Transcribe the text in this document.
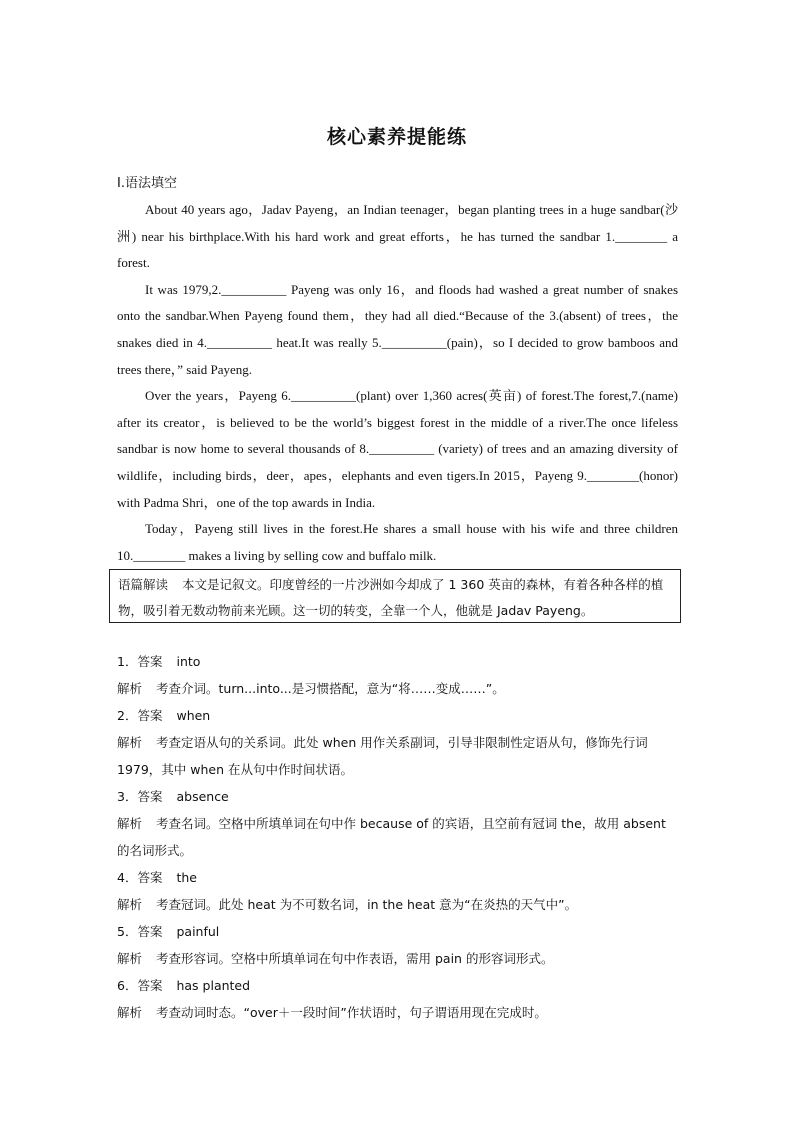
核心素养提能练
Ⅰ.语法填空

About 40 years ago，Jadav Payeng，an Indian teenager，began planting trees in a huge sandbar(沙洲) near his birthplace.With his hard work and great efforts，he has turned the sandbar 1.________ a forest.

It was 1979,2.__________ Payeng was only 16，and floods had washed a great number of snakes onto the sandbar.When Payeng found them，they had all died.“Because of the 3.(absent) of trees，the snakes died in 4.__________ heat.It was really 5.__________(pain)，so I decided to grow bamboos and trees there，” said Payeng.

Over the years，Payeng 6.__________(plant) over 1,360 acres(英亩) of forest.The forest,7.(name) after its creator，is believed to be the world’s biggest forest in the middle of a river.The once lifeless sandbar is now home to several thousands of 8.__________ (variety) of trees and an amazing diversity of wildlife，including birds，deer，apes，elephants and even tigers.In 2015，Payeng 9.________(honor) with Padma Shri，one of the top awards in India.

Today，Payeng still lives in the forest.He shares a small house with his wife and three children 10.________ makes a living by selling cow and buffalo milk.

语篇解读 本文是记叙文。印度曾经的一片沙洲如今却成了 1 360 英亩的森林，有着各种各样的植物，吸引着无数动物前来光顾。这一切的转变，全靠一个人，他就是 Jadav Payeng。
1．答案 into
解析 考查介词。turn...into...是习惯搭配，意为“将……变成……”。
2．答案 when
解析 考查定语从句的关系词。此处 when 用作关系副词，引导非限制性定语从句，修饰先行词 1979，其中 when 在从句中作时间状语。
3．答案 absence
解析 考查名词。空格中所填单词在句中作 because of 的宾语，且空前有冠词 the，故用 absent 的名词形式。
4．答案 the
解析 考查冠词。此处 heat 为不可数名词，in the heat 意为“在炎热的天气中”。
5．答案 painful
解析 考查形容词。空格中所填单词在句中作表语，需用 pain 的形容词形式。
6．答案 has planted
解析 考查动词时态。“over＋一段时间”作状语时，句子谓语用现在完成时。
